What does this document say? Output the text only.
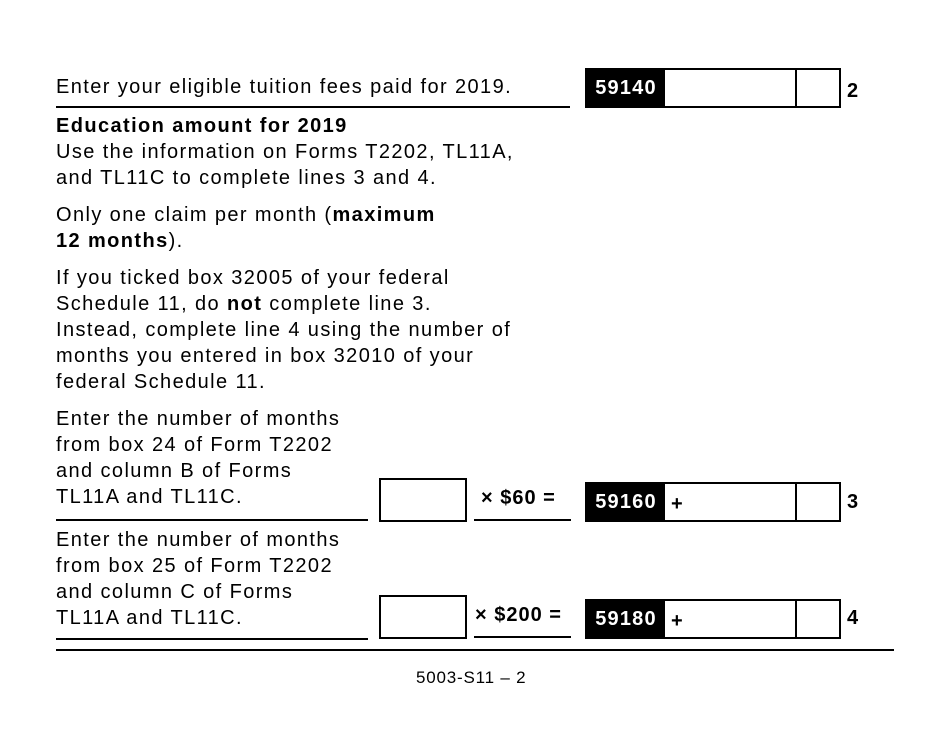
Enter your eligible tuition fees paid for 2019.	59140	2
Education amount for 2019
Use the information on Forms T2202, TL11A,
and TL11C to complete lines 3 and 4.
Only one claim per month (maximum
12 months).
If you ticked box 32005 of your federal
Schedule 11, do not complete line 3.
Instead, complete line 4 using the number of
months you entered in box 32010 of your
federal Schedule 11.
Enter the number of months
from box 24 of Form T2202
and column B of Forms
TL11A and TL11C.	× $60 =	59160 +	3
Enter the number of months
from box 25 of Form T2202
and column C of Forms
TL11A and TL11C.	× $200 =	59180 +	4
5003-S11 – 2
